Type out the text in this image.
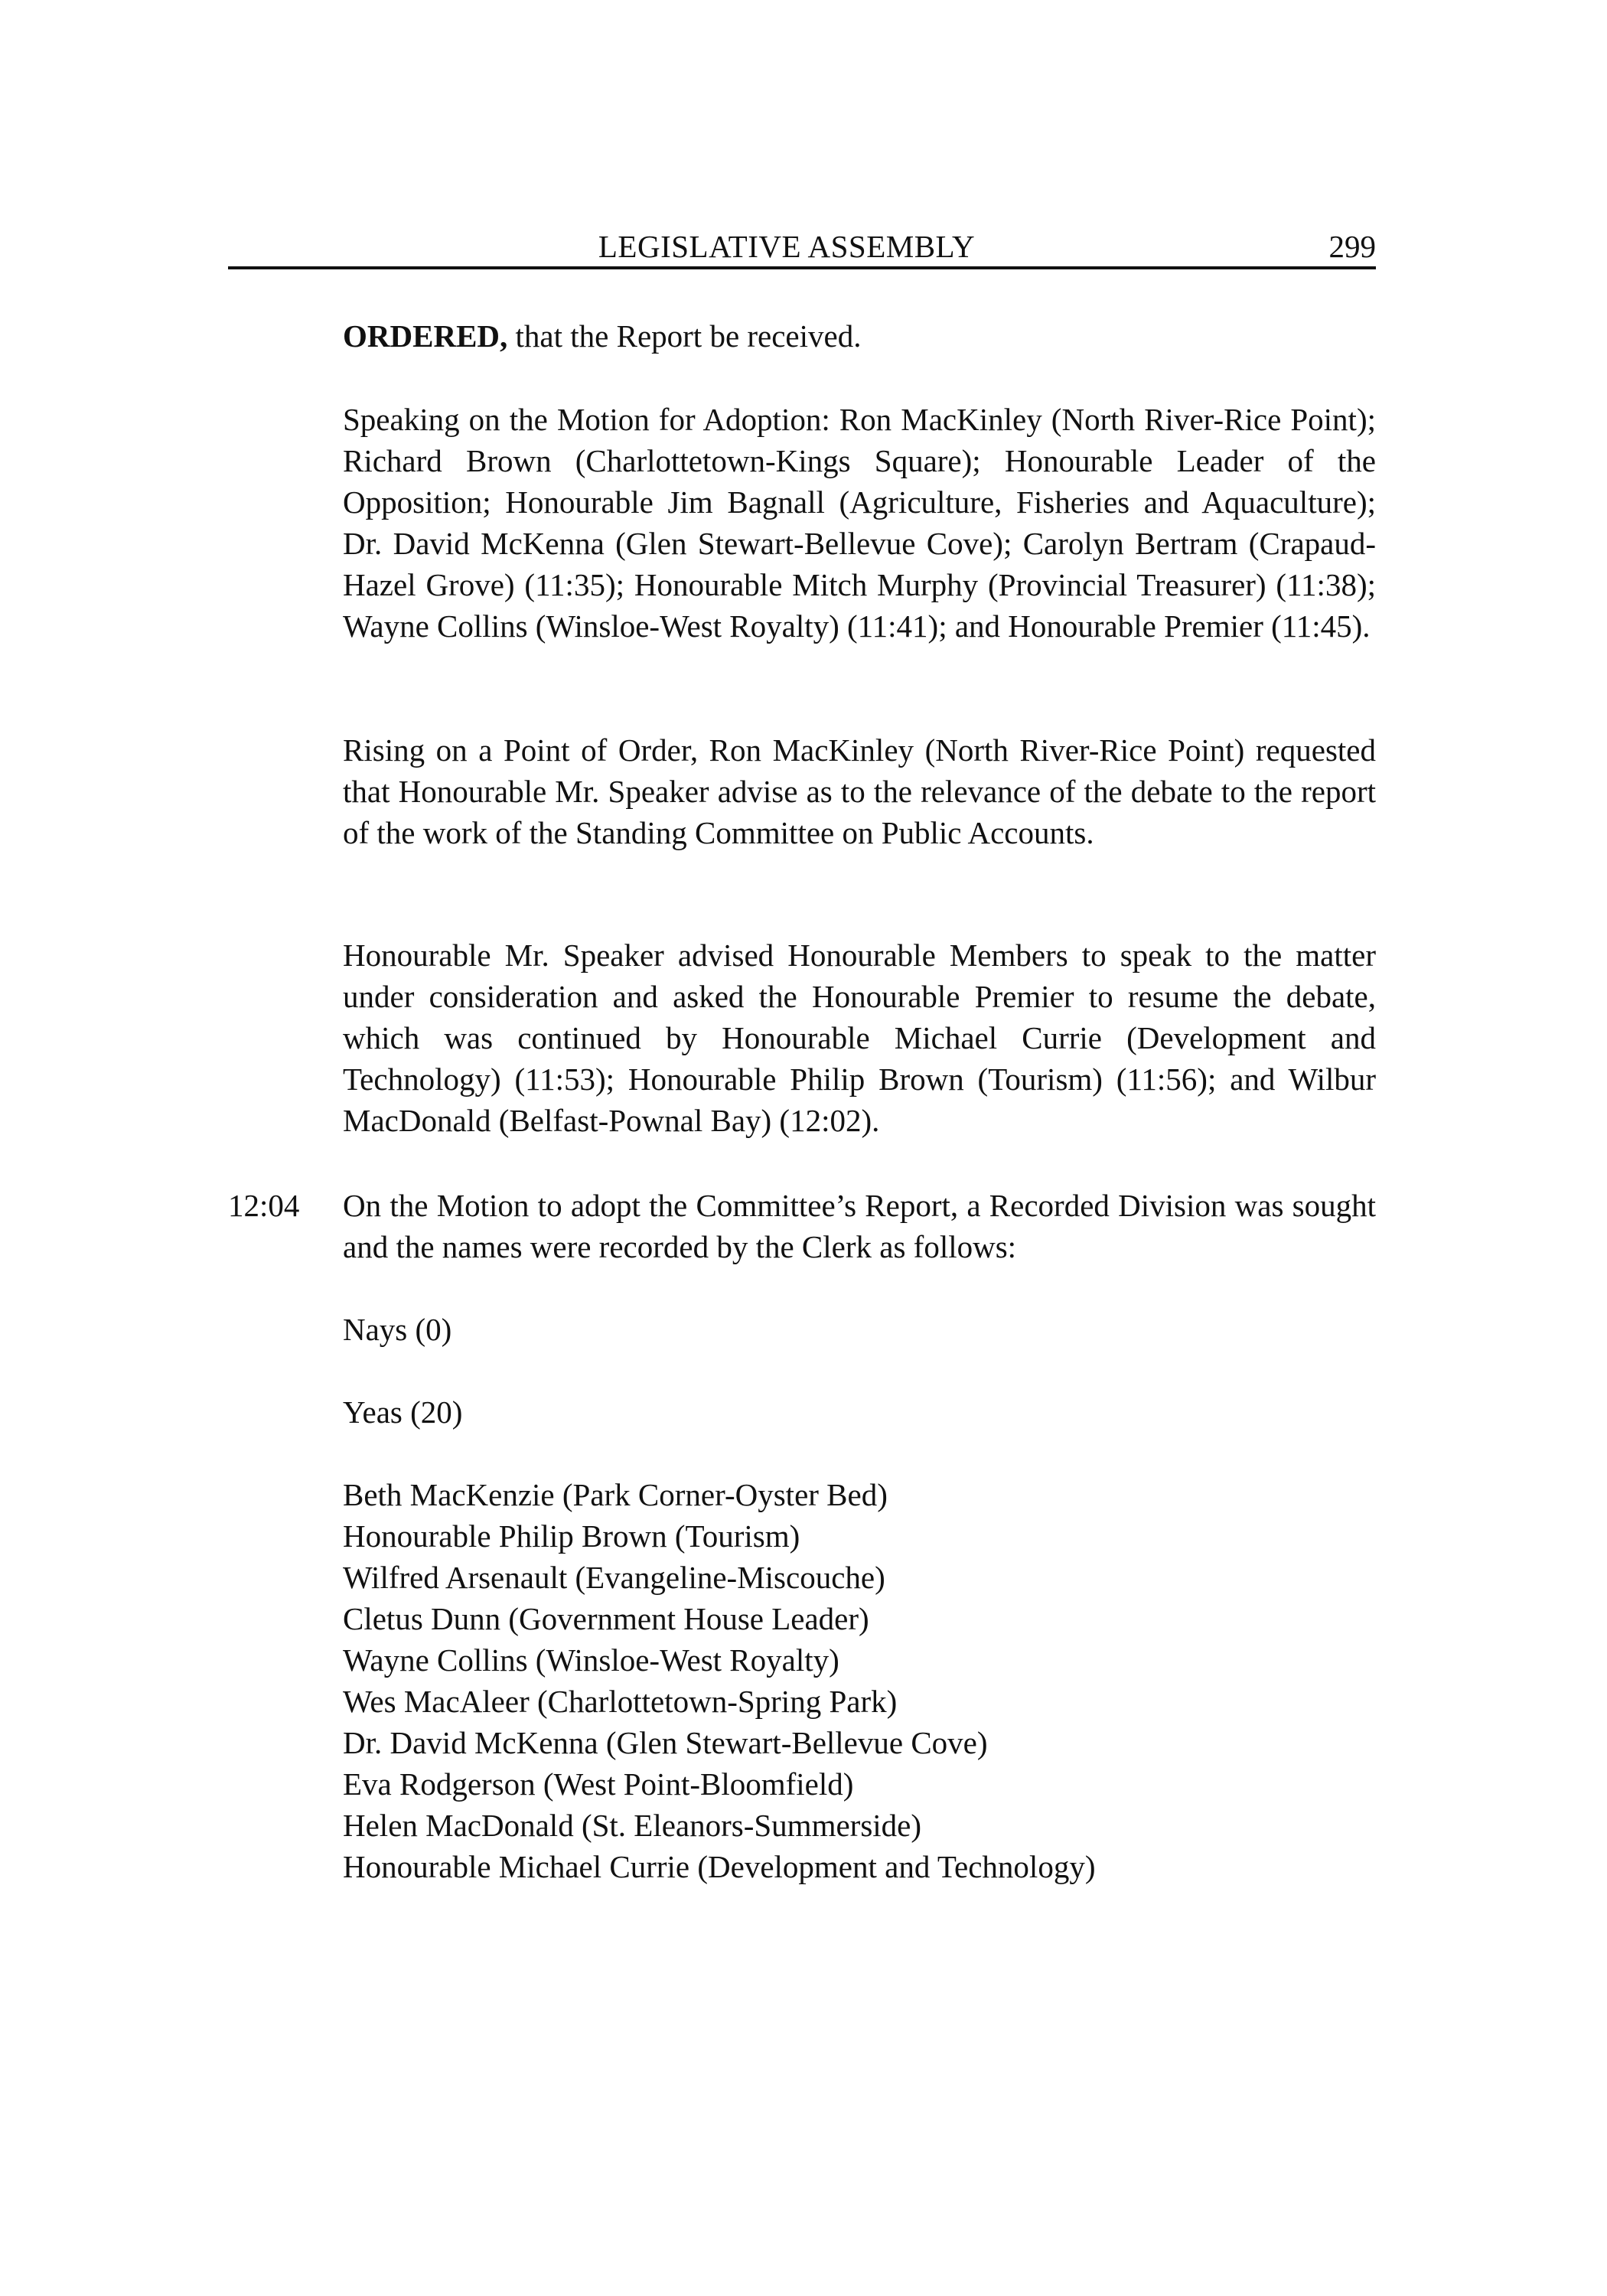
LEGISLATIVE ASSEMBLY	299

ORDERED, that the Report be received.

Speaking on the Motion for Adoption: Ron MacKinley (North River-Rice Point); Richard Brown (Charlottetown-Kings Square); Honourable Leader of the Opposition; Honourable Jim Bagnall (Agriculture, Fisheries and Aquaculture); Dr. David McKenna (Glen Stewart-Bellevue Cove); Carolyn Bertram (Crapaud-Hazel Grove) (11:35); Honourable Mitch Murphy (Provincial Treasurer) (11:38); Wayne Collins (Winsloe-West Royalty) (11:41); and Honourable Premier (11:45).

Rising on a Point of Order, Ron MacKinley (North River-Rice Point) requested that Honourable Mr. Speaker advise as to the relevance of the debate to the report of the work of the Standing Committee on Public Accounts.

Honourable Mr. Speaker advised Honourable Members to speak to the matter under consideration and asked the Honourable Premier to resume the debate, which was continued by Honourable Michael Currie (Development and Technology) (11:53); Honourable Philip Brown (Tourism) (11:56); and Wilbur MacDonald (Belfast-Pownal Bay) (12:02).

12:04 On the Motion to adopt the Committee’s Report, a Recorded Division was sought and the names were recorded by the Clerk as follows:

Nays (0)

Yeas (20)

Beth MacKenzie (Park Corner-Oyster Bed)
Honourable Philip Brown (Tourism)
Wilfred Arsenault (Evangeline-Miscouche)
Cletus Dunn (Government House Leader)
Wayne Collins (Winsloe-West Royalty)
Wes MacAleer (Charlottetown-Spring Park)
Dr. David McKenna (Glen Stewart-Bellevue Cove)
Eva Rodgerson (West Point-Bloomfield)
Helen MacDonald (St. Eleanors-Summerside)
Honourable Michael Currie (Development and Technology)
